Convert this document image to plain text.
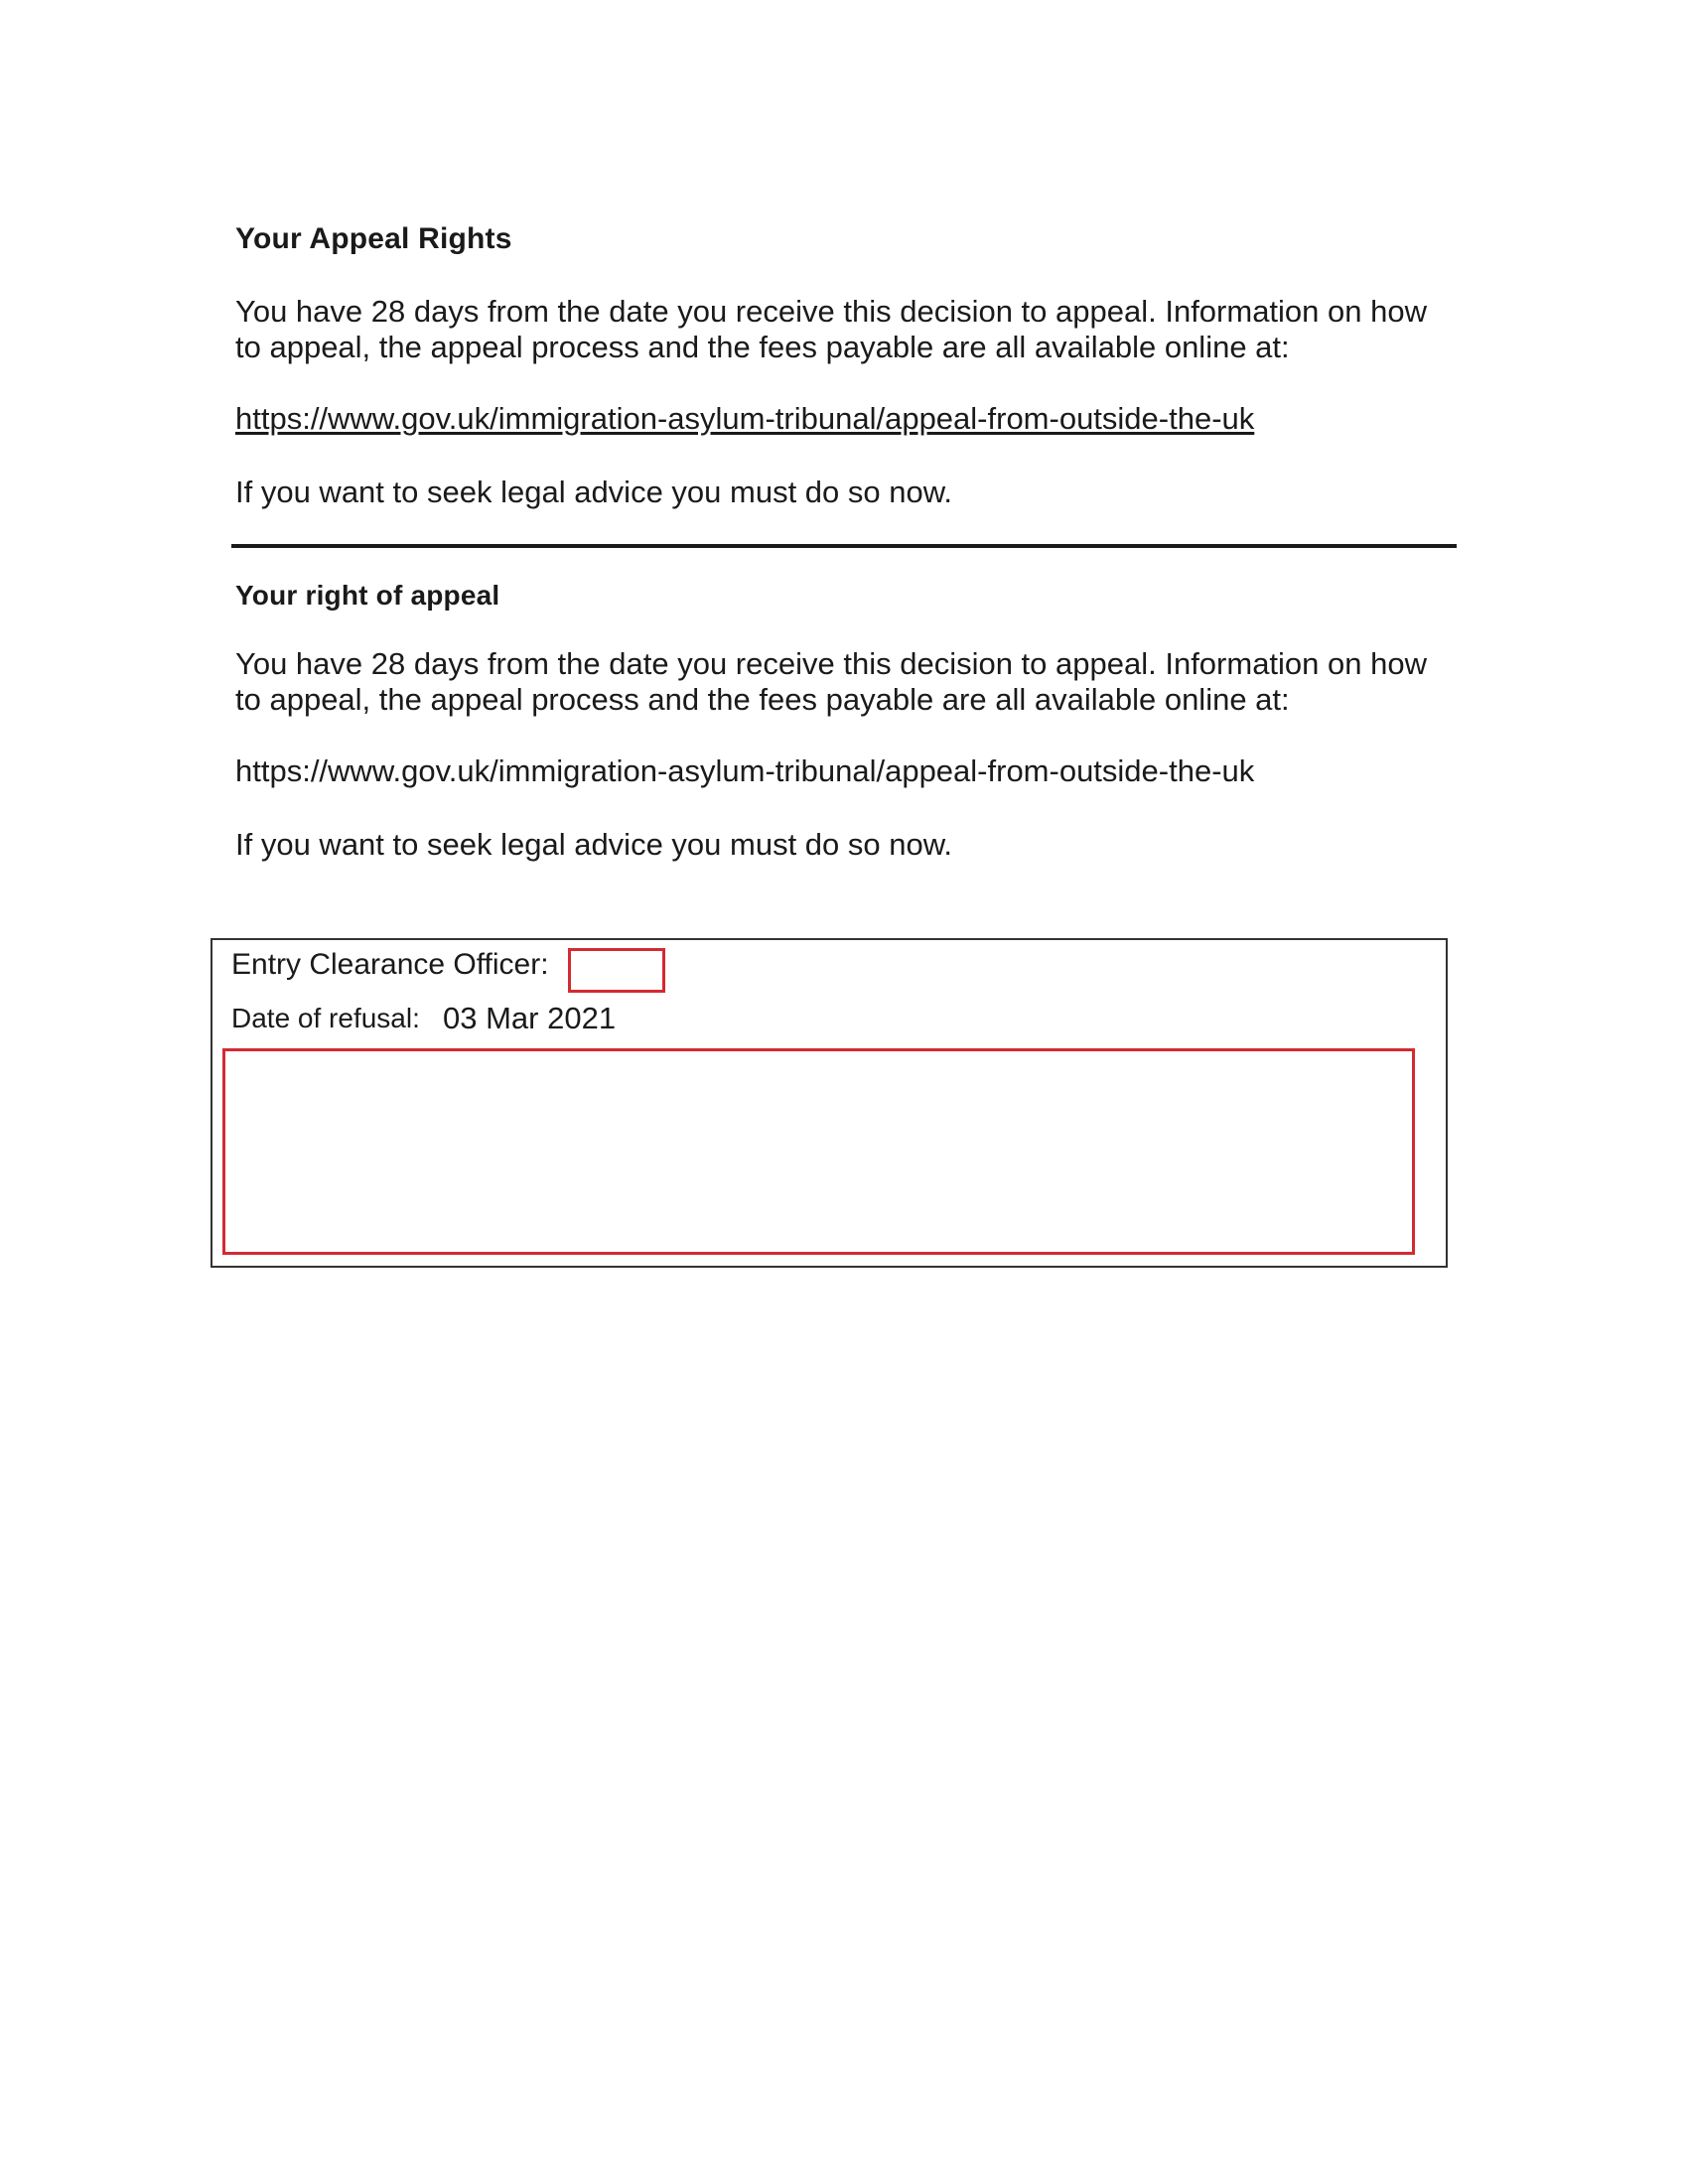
Your Appeal Rights
You have 28 days from the date you receive this decision to appeal. Information on how
to appeal, the appeal process and the fees payable are all available online at:
https://www.gov.uk/immigration-asylum-tribunal/appeal-from-outside-the-uk
If you want to seek legal advice you must do so now.
Your right of appeal
You have 28 days from the date you receive this decision to appeal. Information on how
to appeal, the appeal process and the fees payable are all available online at:
https://www.gov.uk/immigration-asylum-tribunal/appeal-from-outside-the-uk
If you want to seek legal advice you must do so now.
Entry Clearance Officer:
Date of refusal: 03 Mar 2021
